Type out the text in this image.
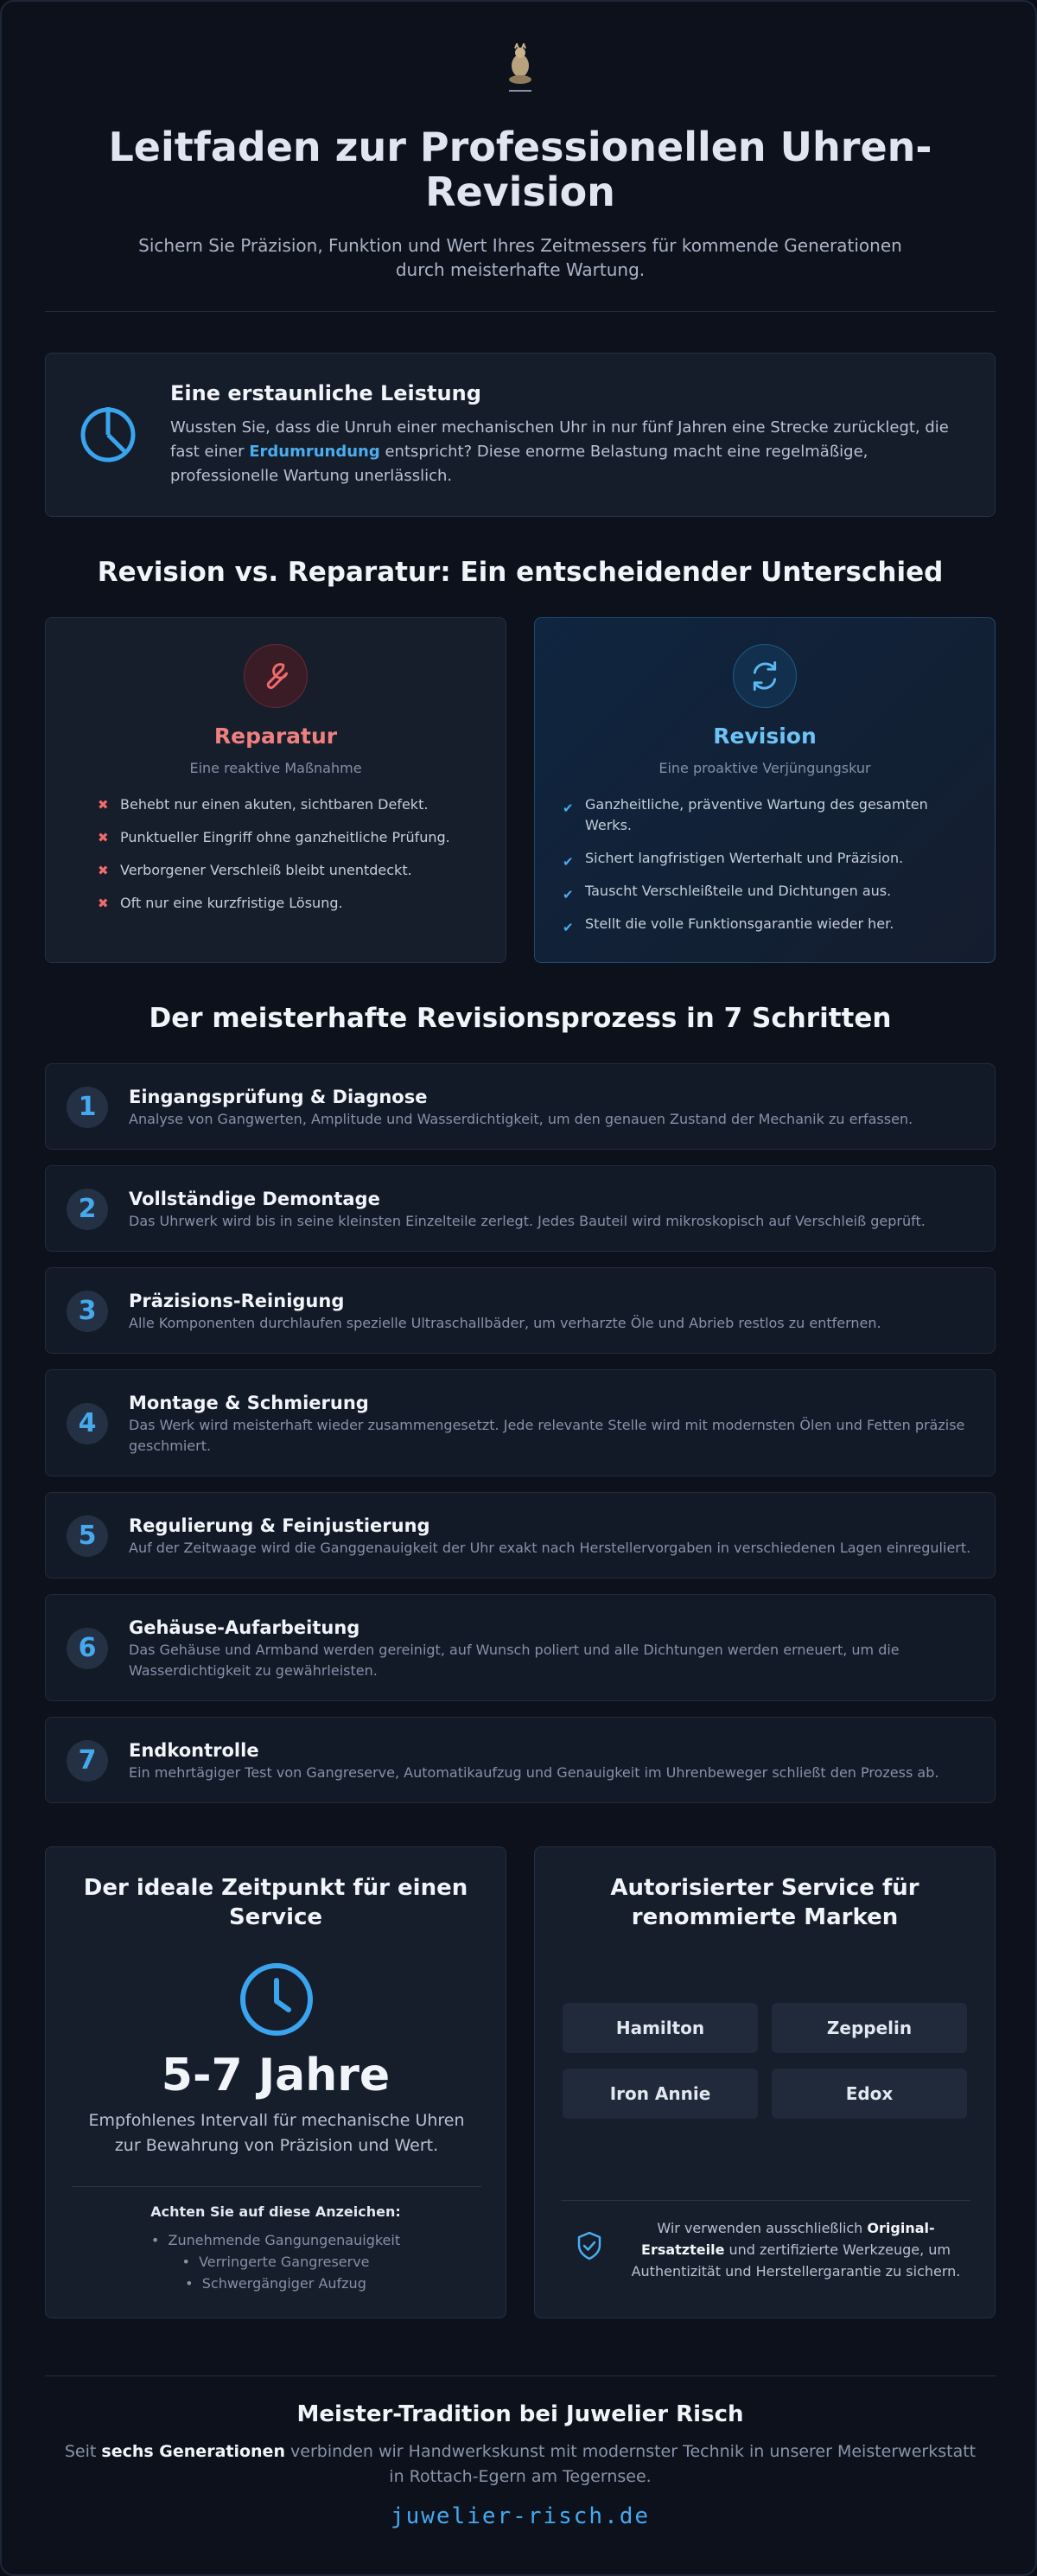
Leitfaden zur Professionellen Uhren-Revision
Sichern Sie Präzision, Funktion und Wert Ihres Zeitmessers für kommende Generationen durch meisterhafte Wartung.
Eine erstaunliche Leistung
Wussten Sie, dass die Unruh einer mechanischen Uhr in nur fünf Jahren eine Strecke zurücklegt, die fast einer Erdumrundung entspricht? Diese enorme Belastung macht eine regelmäßige, professionelle Wartung unerlässlich.
Revision vs. Reparatur: Ein entscheidender Unterschied
Reparatur
Eine reaktive Maßnahme
✖ Behebt nur einen akuten, sichtbaren Defekt.
✖ Punktueller Eingriff ohne ganzheitliche Prüfung.
✖ Verborgener Verschleiß bleibt unentdeckt.
✖ Oft nur eine kurzfristige Lösung.
Revision
Eine proaktive Verjüngungskur
✔ Ganzheitliche, präventive Wartung des gesamten Werks.
✔ Sichert langfristigen Werterhalt und Präzision.
✔ Tauscht Verschleißteile und Dichtungen aus.
✔ Stellt die volle Funktionsgarantie wieder her.
Der meisterhafte Revisionsprozess in 7 Schritten
1	Eingangsprüfung & Diagnose
Analyse von Gangwerten, Amplitude und Wasserdichtigkeit, um den genauen Zustand der Mechanik zu erfassen.
2	Vollständige Demontage
Das Uhrwerk wird bis in seine kleinsten Einzelteile zerlegt. Jedes Bauteil wird mikroskopisch auf Verschleiß geprüft.
3	Präzisions-Reinigung
Alle Komponenten durchlaufen spezielle Ultraschallbäder, um verharzte Öle und Abrieb restlos zu entfernen.
4
Montage & Schmierung
Das Werk wird meisterhaft wieder zusammengesetzt. Jede relevante Stelle wird mit modernsten Ölen und Fetten präzise geschmiert.
5	Regulierung & Feinjustierung
Auf der Zeitwaage wird die Ganggenauigkeit der Uhr exakt nach Herstellervorgaben in verschiedenen Lagen einreguliert.
6
Gehäuse-Aufarbeitung
Das Gehäuse und Armband werden gereinigt, auf Wunsch poliert und alle Dichtungen werden erneuert, um die Wasserdichtigkeit zu gewährleisten.
7	Endkontrolle
Ein mehrtägiger Test von Gangreserve, Automatikaufzug und Genauigkeit im Uhrenbeweger schließt den Prozess ab.
Der ideale Zeitpunkt für einen Service
5-7 Jahre
Empfohlenes Intervall für mechanische Uhren zur Bewahrung von Präzision und Wert.
Achten Sie auf diese Anzeichen:
•  Zunehmende Gangungenauigkeit
•  Verringerte Gangreserve
•  Schwergängiger Aufzug
Autorisierter Service für renommierte Marken
Hamilton	Zeppelin
Iron Annie	Edox
Wir verwenden ausschließlich Original-Ersatzteile und zertifizierte Werkzeuge, um Authentizität und Herstellergarantie zu sichern.
Meister-Tradition bei Juwelier Risch
Seit sechs Generationen verbinden wir Handwerkskunst mit modernster Technik in unserer Meisterwerkstatt in Rottach-Egern am Tegernsee.
juwelier-risch.de
